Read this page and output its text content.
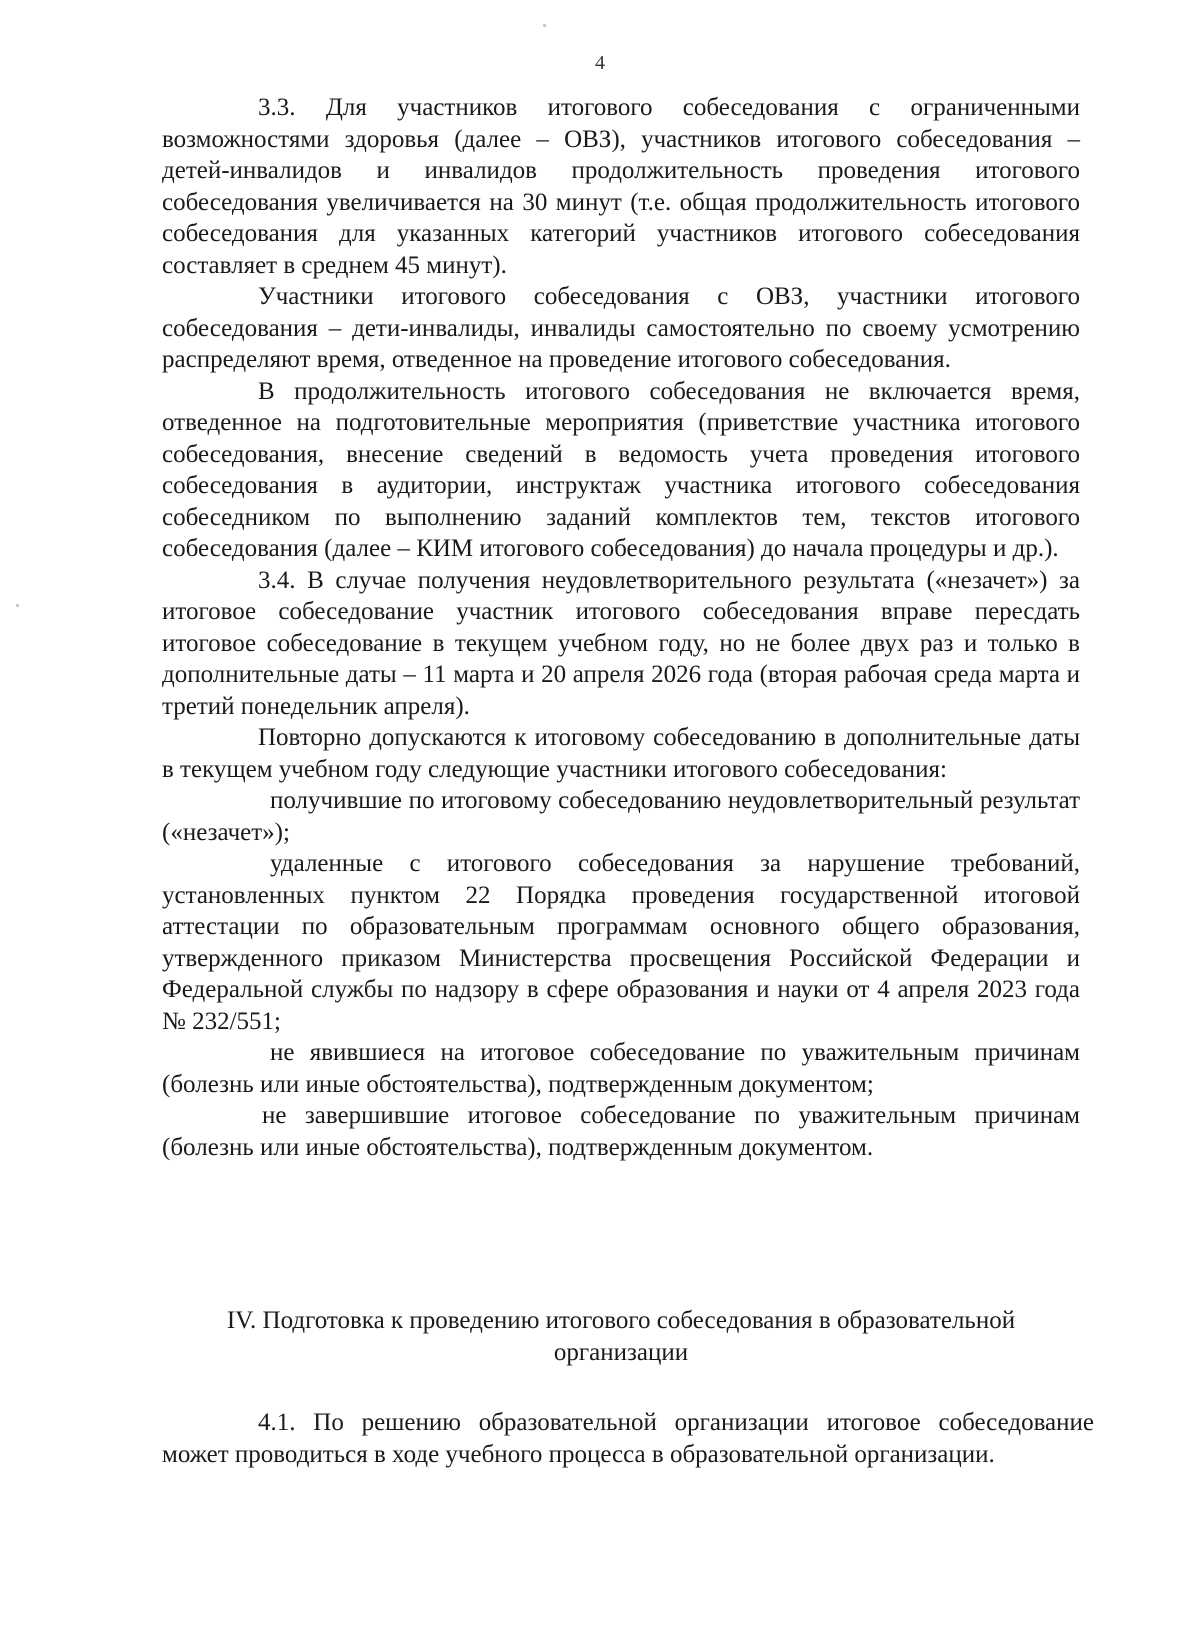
4

3.3. Для участников итогового собеседования с ограниченными возможностями здоровья (далее – ОВЗ), участников итогового собеседования – детей-инвалидов и инвалидов продолжительность проведения итогового собеседования увеличивается на 30 минут (т.е. общая продолжительность итогового собеседования для указанных категорий участников итогового собеседования составляет в среднем 45 минут).

Участники итогового собеседования с ОВЗ, участники итогового собеседования – дети-инвалиды, инвалиды самостоятельно по своему усмотрению распределяют время, отведенное на проведение итогового собеседования.

В продолжительность итогового собеседования не включается время, отведенное на подготовительные мероприятия (приветствие участника итогового собеседования, внесение сведений в ведомость учета проведения итогового собеседования в аудитории, инструктаж участника итогового собеседования собеседником по выполнению заданий комплектов тем, текстов итогового собеседования (далее – КИМ итогового собеседования) до начала процедуры и др.).

3.4. В случае получения неудовлетворительного результата («незачет») за итоговое собеседование участник итогового собеседования вправе пересдать итоговое собеседование в текущем учебном году, но не более двух раз и только в дополнительные даты – 11 марта и 20 апреля 2026 года (вторая рабочая среда марта и третий понедельник апреля).

Повторно допускаются к итоговому собеседованию в дополнительные даты в текущем учебном году следующие участники итогового собеседования:

получившие по итоговому собеседованию неудовлетворительный результат («незачет»);

удаленные с итогового собеседования за нарушение требований, установленных пунктом 22 Порядка проведения государственной итоговой аттестации по образовательным программам основного общего образования, утвержденного приказом Министерства просвещения Российской Федерации и Федеральной службы по надзору в сфере образования и науки от 4 апреля 2023 года № 232/551;

не явившиеся на итоговое собеседование по уважительным причинам (болезнь или иные обстоятельства), подтвержденным документом;

не завершившие итоговое собеседование по уважительным причинам (болезнь или иные обстоятельства), подтвержденным документом.

IV. Подготовка к проведению итогового собеседования в образовательной
организации

4.1. По решению образовательной организации итоговое собеседование может проводиться в ходе учебного процесса в образовательной организации.
